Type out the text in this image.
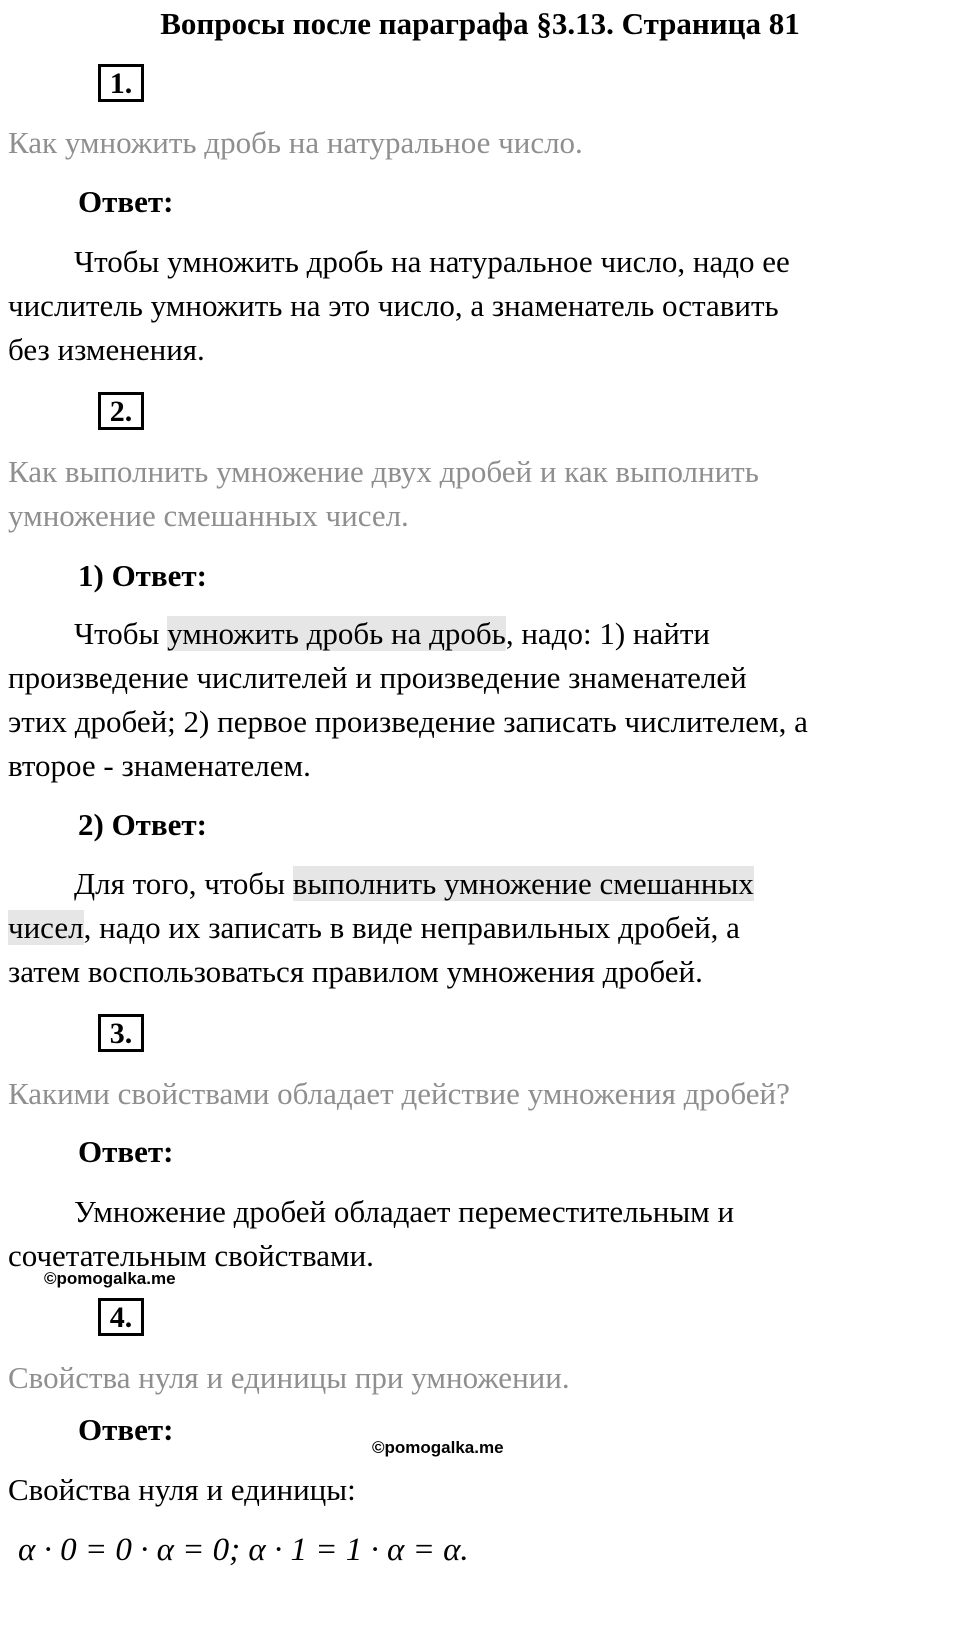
Вопросы после параграфа §3.13. Страница 81
1.
Как умножить дробь на натуральное число.
Ответ:
Чтобы умножить дробь на натуральное число, надо ее
числитель умножить на это число, а знаменатель оставить
без изменения.
2.
Как выполнить умножение двух дробей и как выполнить
умножение смешанных чисел.
1) Ответ:
Чтобы умножить дробь на дробь, надо: 1) найти
произведение числителей и произведение знаменателей
этих дробей; 2) первое произведение записать числителем, а
второе - знаменателем.
2) Ответ:
Для того, чтобы выполнить умножение смешанных
чисел, надо их записать в виде неправильных дробей, а
затем воспользоваться правилом умножения дробей.
3.
Какими свойствами обладает действие умножения дробей?
Ответ:
Умножение дробей обладает переместительным и
сочетательным свойствами.
©pomogalka.me
4.
Свойства нуля и единицы при умножении.
Ответ:
©pomogalka.me
Свойства нуля и единицы:
α · 0 = 0 · α = 0; α · 1 = 1 · α = α.
